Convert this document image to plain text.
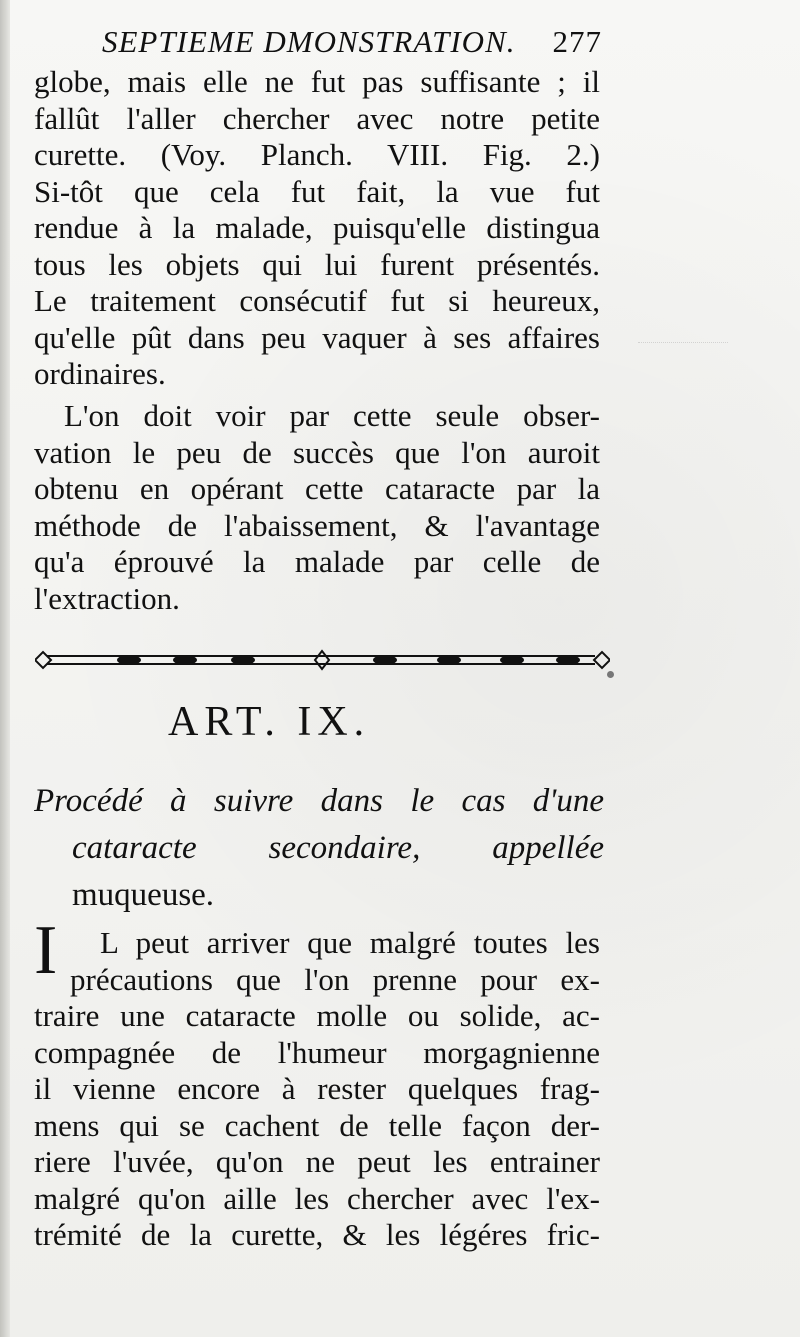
SEPTIEME DMONSTRATION. 277
globe, mais elle ne fut pas suffisante ; il
fallût l'aller chercher avec notre petite
curette. (Voy. Planch. VIII. Fig. 2.)
Si-tôt que cela fut fait, la vue fut
rendue à la malade, puisqu'elle distingua
tous les objets qui lui furent présentés.
Le traitement consécutif fut si heureux,
qu'elle pût dans peu vaquer à ses affaires
ordinaires.
L'on doit voir par cette seule obser-
vation le peu de succès que l'on auroit
obtenu en opérant cette cataracte par la
méthode de l'abaissement, & l'avantage
qu'a éprouvé la malade par celle de
l'extraction.
ART. IX.
Procédé à suivre dans le cas d'une
cataracte secondaire, appellée
muqueuse.
I	L peut arriver que malgré toutes les
précautions que l'on prenne pour ex-
traire une cataracte molle ou solide, ac-
compagnée de l'humeur morgagnienne
il vienne encore à rester quelques frag-
mens qui se cachent de telle façon der-
riere l'uvée, qu'on ne peut les entrainer
malgré qu'on aille les chercher avec l'ex-
trémité de la curette, & les légéres fric-
